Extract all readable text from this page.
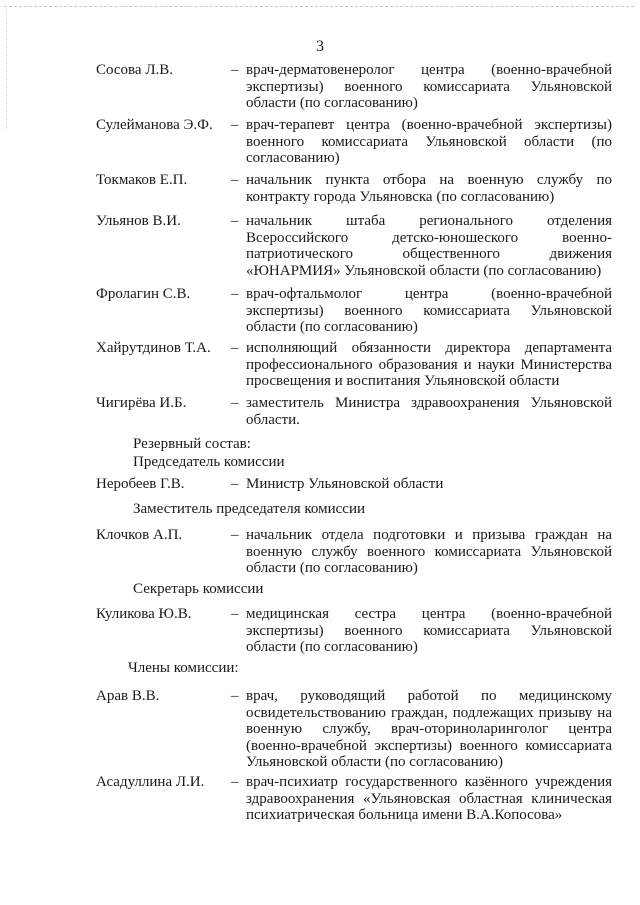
3
Сосова Л.В.	– врач-дерматовенеролог центра (военно-врачебной экспертизы) военного комиссариата Ульяновской области (по согласованию)
Сулейманова Э.Ф. – врач-терапевт центра (военно-врачебной экспертизы) военного комиссариата Ульяновской области (по согласованию)
Токмаков Е.П.	– начальник пункта отбора на военную службу по контракту города Ульяновска (по согласованию)
Ульянов В.И.	– начальник штаба регионального отделения Всероссийского детско-юношеского военно-патриотического общественного движения «ЮНАРМИЯ» Ульяновской области (по согласованию)
Фролагин С.В.	– врач-офтальмолог центра (военно-врачебной экспертизы) военного комиссариата Ульяновской области (по согласованию)
Хайрутдинов Т.А. – исполняющий обязанности директора департамента профессионального образования и науки Министерства просвещения и воспитания Ульяновской области
Чигирёва И.Б.	– заместитель Министра здравоохранения Ульяновской области.
Резервный состав:
Председатель комиссии
Неробеев Г.В.	– Министр Ульяновской области
Заместитель председателя комиссии
Клочков А.П.	– начальник отдела подготовки и призыва граждан на военную службу военного комиссариата Ульяновской области (по согласованию)
Секретарь комиссии
Куликова Ю.В.	– медицинская сестра центра (военно-врачебной экспертизы) военного комиссариата Ульяновской области (по согласованию)
Члены комиссии:
Арав В.В.	– врач, руководящий работой по медицинскому освидетельствованию граждан, подлежащих призыву на военную службу, врач-оториноларинголог центра (военно-врачебной экспертизы) военного комиссариата Ульяновской области (по согласованию)
Асадуллина Л.И. – врач-психиатр государственного казённого учреждения здравоохранения «Ульяновская областная клиническая психиатрическая больница имени В.А.Копосова»
